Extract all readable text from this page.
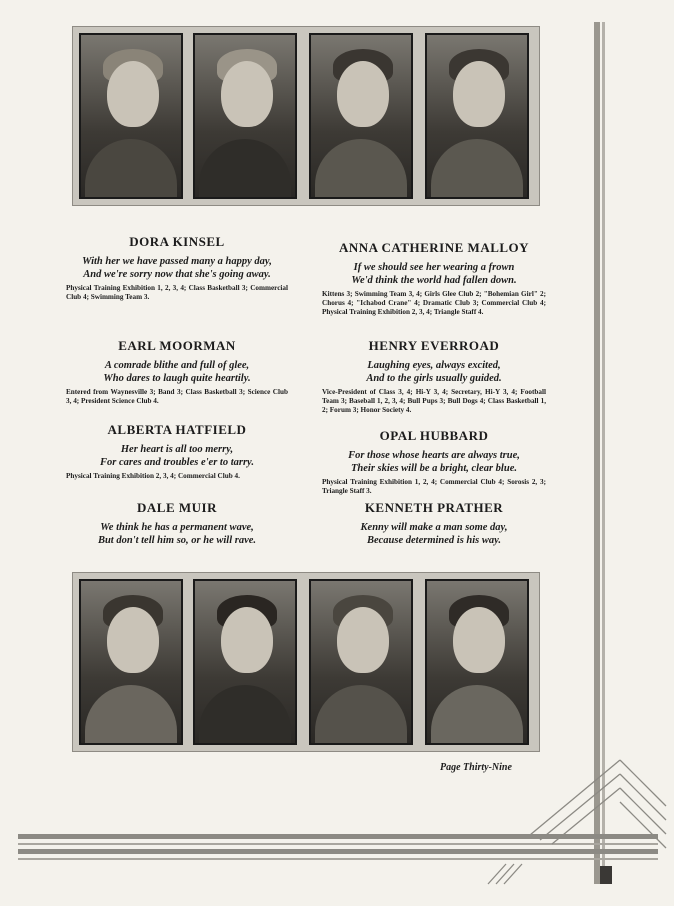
DORA KINSEL

With her we have passed many a happy day,

And we're sorry now that she's going away.

Physical Training Exhibition 1, 2, 3, 4; Class Basketball 3; Commercial Club 4; Swimming Team 3.

EARL MOORMAN

A comrade blithe and full of glee,

Who dares to laugh quite heartily.

Entered from Waynesville 3; Band 3; Class Basketball 3; Science Club 3, 4; President Science Club 4.

ALBERTA HATFIELD

Her heart is all too merry,

For cares and troubles e'er to tarry.

Physical Training Exhibition 2, 3, 4; Commercial Club 4.

DALE MUIR

We think he has a permanent wave,

But don't tell him so, or he will rave.

ANNA CATHERINE MALLOY

If we should see her wearing a frown

We'd think the world had fallen down.

Kittens 3; Swimming Team 3, 4; Girls Glee Club 2; "Bohemian Girl" 2; Chorus 4; "Ichabod Crane" 4; Dramatic Club 3; Commercial Club 4; Physical Training Exhibition 2, 3, 4; Triangle Staff 4.

HENRY EVERROAD

Laughing eyes, always excited,

And to the girls usually guided.

Vice-President of Class 3, 4; Hi-Y 3, 4; Secretary, Hi-Y 3, 4; Football Team 3; Baseball 1, 2, 3, 4; Bull Pups 3; Bull Dogs 4; Class Basketball 1, 2; Forum 3; Honor Society 4.

OPAL HUBBARD

For those whose hearts are always true,

Their skies will be a bright, clear blue.

Physical Training Exhibition 1, 2, 4; Commercial Club 4; Sorosis 2, 3; Triangle Staff 3.

KENNETH PRATHER

Kenny will make a man some day,

Because determined is his way.

Page Thirty-Nine
